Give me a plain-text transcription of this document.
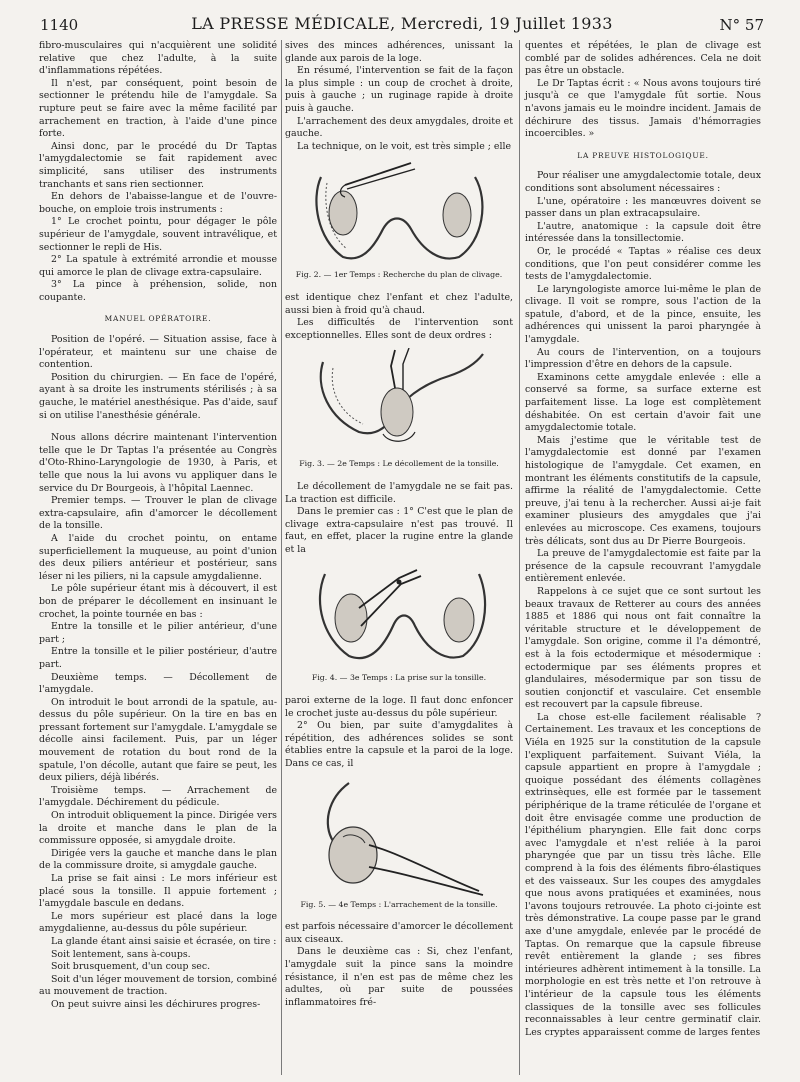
1140	LA PRESSE MÉDICALE, Mercredi, 19 Juillet 1933	N° 57

fibro-musculaires qui n'acquièrent une solidité relative que chez l'adulte, à la suite d'inflammations répétées.

Il n'est, par conséquent, point besoin de sectionner le prétendu hile de l'amygdale. Sa rupture peut se faire avec la même facilité par arrachement en traction, à l'aide d'une pince forte.

Ainsi donc, par le procédé du Dr Taptas l'amygdalectomie se fait rapidement avec simplicité, sans utiliser des instruments tranchants et sans rien sectionner.

En dehors de l'abaisse-langue et de l'ouvre-bouche, on emploie trois instruments :

1° Le crochet pointu, pour dégager le pôle supérieur de l'amygdale, souvent intravélique, et sectionner le repli de His.

2° La spatule à extrémité arrondie et mousse qui amorce le plan de clivage extra-capsulaire.

3° La pince à préhension, solide, non coupante.

MANUEL OPÉRATOIRE.

Position de l'opéré. — Situation assise, face à l'opérateur, et maintenu sur une chaise de contention.

Position du chirurgien. — En face de l'opéré, ayant à sa droite les instruments stérilisés ; à sa gauche, le matériel anesthésique. Pas d'aide, sauf si on utilise l'anesthésie générale.

Nous allons décrire maintenant l'intervention telle que le Dr Taptas l'a présentée au Congrès d'Oto-Rhino-Laryngologie de 1930, à Paris, et telle que nous la lui avons vu appliquer dans le service du Dr Bourgeois, à l'hôpital Laennec.

Premier temps. — Trouver le plan de clivage extra-capsulaire, afin d'amorcer le décollement de la tonsille.

A l'aide du crochet pointu, on entame superficiellement la muqueuse, au point d'union des deux piliers antérieur et postérieur, sans léser ni les piliers, ni la capsule amygdalienne.

Le pôle supérieur étant mis à découvert, il est bon de préparer le décollement en insinuant le crochet, la pointe tournée en bas :

Entre la tonsille et le pilier antérieur, d'une part ;

Entre la tonsille et le pilier postérieur, d'autre part.

Deuxième temps. — Décollement de l'amygdale.

On introduit le bout arrondi de la spatule, au-dessus du pôle supérieur. On la tire en bas en pressant fortement sur l'amygdale. L'amygdale se décolle ainsi facilement. Puis, par un léger mouvement de rotation du bout rond de la spatule, l'on décolle, autant que faire se peut, les deux piliers, déjà libérés.

Troisième temps. — Arrachement de l'amygdale. Déchirement du pédicule.

On introduit obliquement la pince. Dirigée vers la droite et manche dans le plan de la commissure opposée, si amygdale droite.

Dirigée vers la gauche et manche dans le plan de la commissure droite, si amygdale gauche.

La prise se fait ainsi : Le mors inférieur est placé sous la tonsille. Il appuie fortement ; l'amygdale bascule en dedans.

Le mors supérieur est placé dans la loge amygdalienne, au-dessus du pôle supérieur.

La glande étant ainsi saisie et écrasée, on tire :

Soit lentement, sans à-coups.

Soit brusquement, d'un coup sec.

Soit d'un léger mouvement de torsion, combiné au mouvement de traction.

On peut suivre ainsi les déchirures progres-

sives des minces adhérences, unissant la glande aux parois de la loge.

En résumé, l'intervention se fait de la façon la plus simple : un coup de crochet à droite, puis à gauche ; un ruginage rapide à droite puis à gauche.

L'arrachement des deux amygdales, droite et gauche.

La technique, on le voit, est très simple ; elle

Fig. 2. — 1er Temps : Recherche du plan de clivage.

est identique chez l'enfant et chez l'adulte, aussi bien à froid qu'à chaud.

Les difficultés de l'intervention sont exceptionnelles. Elles sont de deux ordres :

Fig. 3. — 2e Temps : Le décollement de la tonsille.

Le décollement de l'amygdale ne se fait pas. La traction est difficile.

Dans le premier cas : 1° C'est que le plan de clivage extra-capsulaire n'est pas trouvé. Il faut, en effet, placer la rugine entre la glande et la

Fig. 4. — 3e Temps : La prise sur la tonsille.

paroi externe de la loge. Il faut donc enfoncer le crochet juste au-dessus du pôle supérieur.

2° Ou bien, par suite d'amygdalites à répétition, des adhérences solides se sont établies entre la capsule et la paroi de la loge. Dans ce cas, il

Fig. 5. — 4e Temps : L'arrachement de la tonsille.

est parfois nécessaire d'amorcer le décollement aux ciseaux.

Dans le deuxième cas : Si, chez l'enfant, l'amygdale suit la pince sans la moindre résistance, il n'en est pas de même chez les adultes, où par suite de poussées inflammatoires fré-

quentes et répétées, le plan de clivage est comblé par de solides adhérences. Cela ne doit pas être un obstacle.

Le Dr Taptas écrit : « Nous avons toujours tiré jusqu'à ce que l'amygdale fût sortie. Nous n'avons jamais eu le moindre incident. Jamais de déchirure des tissus. Jamais d'hémorragies incoercibles. »

LA PREUVE HISTOLOGIQUE.

Pour réaliser une amygdalectomie totale, deux conditions sont absolument nécessaires :

L'une, opératoire : les manœuvres doivent se passer dans un plan extracapsulaire.

L'autre, anatomique : la capsule doit être intéressée dans la tonsillectomie.

Or, le procédé « Taptas » réalise ces deux conditions, que l'on peut considérer comme les tests de l'amygdalectomie.

Le laryngologiste amorce lui-même le plan de clivage. Il voit se rompre, sous l'action de la spatule, d'abord, et de la pince, ensuite, les adhérences qui unissent la paroi pharyngée à l'amygdale.

Au cours de l'intervention, on a toujours l'impression d'être en dehors de la capsule.

Examinons cette amygdale enlevée : elle a conservé sa forme, sa surface externe est parfaitement lisse. La loge est complètement déshabitée. On est certain d'avoir fait une amygdalectomie totale.

Mais j'estime que le véritable test de l'amygdalectomie est donné par l'examen histologique de l'amygdale. Cet examen, en montrant les éléments constitutifs de la capsule, affirme la réalité de l'amygdalectomie. Cette preuve, j'ai tenu à la rechercher. Aussi ai-je fait examiner plusieurs des amygdales que j'ai enlevées au microscope. Ces examens, toujours très délicats, sont dus au Dr Pierre Bourgeois.

La preuve de l'amygdalectomie est faite par la présence de la capsule recouvrant l'amygdale entièrement enlevée.

Rappelons à ce sujet que ce sont surtout les beaux travaux de Retterer au cours des années 1885 et 1886 qui nous ont fait connaître la véritable structure et le développement de l'amygdale. Son origine, comme il l'a démontré, est à la fois ectodermique et mésodermique : ectodermique par ses éléments propres et glandulaires, mésodermique par son tissu de soutien conjonctif et vasculaire. Cet ensemble est recouvert par la capsule fibreuse.

La chose est-elle facilement réalisable ? Certainement. Les travaux et les conceptions de Viéla en 1925 sur la constitution de la capsule l'expliquent parfaitement. Suivant Viéla, la capsule appartient en propre à l'amygdale ; quoique possédant des éléments collagènes extrinsèques, elle est formée par le tassement périphérique de la trame réticulée de l'organe et doit être envisagée comme une production de l'épithélium pharyngien. Elle fait donc corps avec l'amygdale et n'est reliée à la paroi pharyngée que par un tissu très lâche. Elle comprend à la fois des éléments fibro-élastiques et des vaisseaux. Sur les coupes des amygdales que nous avons pratiquées et examinées, nous l'avons toujours retrouvée. La photo ci-jointe est très démonstrative. La coupe passe par le grand axe d'une amygdale, enlevée par le procédé de Taptas. On remarque que la capsule fibreuse revêt entièrement la glande ; ses fibres intérieures adhèrent intimement à la tonsille. La morphologie en est très nette et l'on retrouve à l'intérieur de la capsule tous les éléments classiques de la tonsille avec ses follicules reconnaissables à leur centre germinatif clair. Les cryptes apparaissent comme de larges fentes
